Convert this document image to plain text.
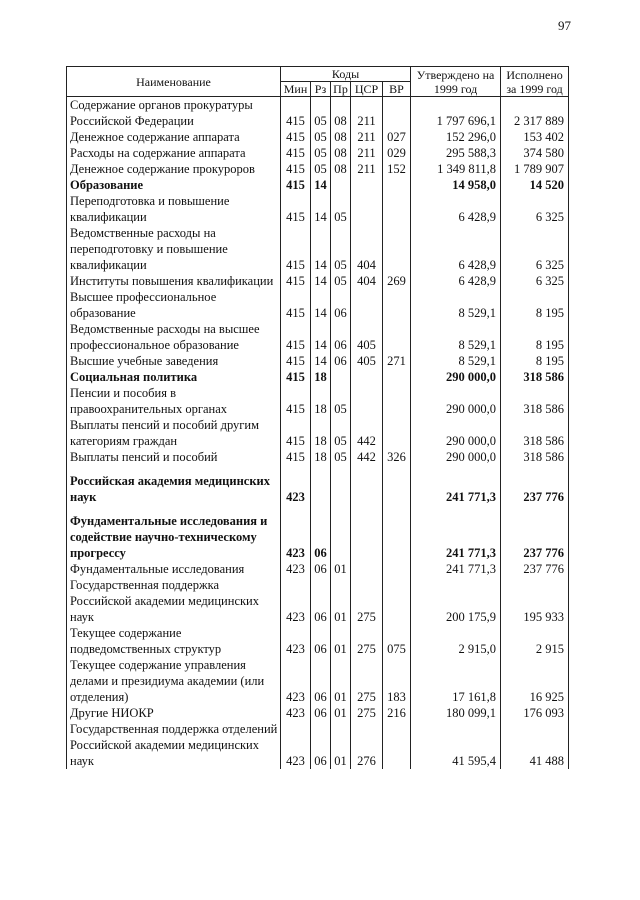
97
Наименование	Коды					Утверждено на 1999 год	Исполнено за 1999 год
	Мин	Рз	Пр	ЦСР	ВР		
Содержание органов прокуратуры Российской Федерации	415	05	08	211		1 797 696,1	2 317 889
Денежное содержание аппарата	415	05	08	211	027	152 296,0	153 402
Расходы на содержание аппарата	415	05	08	211	029	295 588,3	374 580
Денежное содержание прокуроров	415	05	08	211	152	1 349 811,8	1 789 907
Образование	415	14				14 958,0	14 520
Переподготовка и повышение квалификации	415	14	05			6 428,9	6 325
Ведомственные расходы на переподготовку и повышение квалификации	415	14	05	404		6 428,9	6 325
Институты повышения квалификации	415	14	05	404	269	6 428,9	6 325
Высшее профессиональное образование	415	14	06			8 529,1	8 195
Ведомственные расходы на высшее профессиональное образование	415	14	06	405		8 529,1	8 195
Высшие учебные заведения	415	14	06	405	271	8 529,1	8 195
Социальная политика	415	18				290 000,0	318 586
Пенсии и пособия в правоохранительных органах	415	18	05			290 000,0	318 586
Выплаты пенсий и пособий другим категориям граждан	415	18	05	442		290 000,0	318 586
Выплаты пенсий и пособий	415	18	05	442	326	290 000,0	318 586

Российская академия медицинских наук	423					241 771,3	237 776

Фундаментальные исследования и содействие научно-техническому прогрессу	423	06				241 771,3	237 776
Фундаментальные исследования	423	06	01			241 771,3	237 776
Государственная поддержка Российской академии медицинских наук	423	06	01	275		200 175,9	195 933
Текущее содержание подведомственных структур	423	06	01	275	075	2 915,0	2 915
Текущее содержание управления делами и президиума академии (или отделения)	423	06	01	275	183	17 161,8	16 925
Другие НИОКР	423	06	01	275	216	180 099,1	176 093
Государственная поддержка отделений Российской академии медицинских наук	423	06	01	276		41 595,4	41 488
